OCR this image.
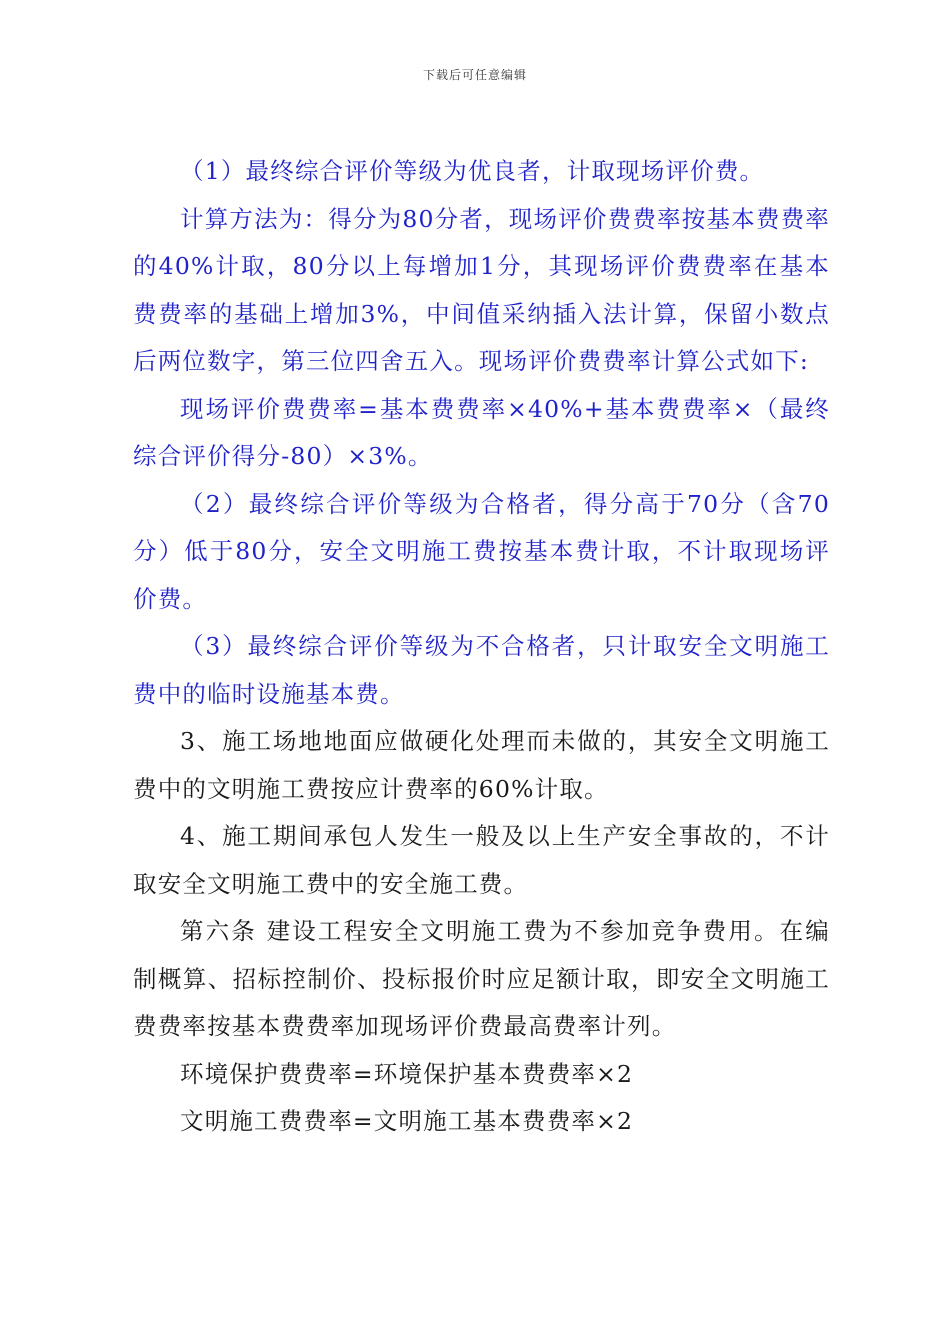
下载后可任意编辑

（1）最终综合评价等级为优良者，计取现场评价费。

计算方法为：得分为80分者，现场评价费费率按基本费费率的40%计取，80分以上每增加1分，其现场评价费费率在基本费费率的基础上增加3%，中间值采纳插入法计算，保留小数点后两位数字，第三位四舍五入。现场评价费费率计算公式如下:

现场评价费费率=基本费费率×40%+基本费费率×（最终综合评价得分-80）×3%。

（2）最终综合评价等级为合格者，得分高于70分（含70分）低于80分，安全文明施工费按基本费计取，不计取现场评价费。

（3）最终综合评价等级为不合格者，只计取安全文明施工费中的临时设施基本费。

3、施工场地地面应做硬化处理而未做的，其安全文明施工费中的文明施工费按应计费率的60%计取。

4、施工期间承包人发生一般及以上生产安全事故的，不计取安全文明施工费中的安全施工费。

第六条 建设工程安全文明施工费为不参加竞争费用。在编制概算、招标控制价、投标报价时应足额计取，即安全文明施工费费率按基本费费率加现场评价费最高费率计列。

环境保护费费率=环境保护基本费费率×2

文明施工费费率=文明施工基本费费率×2
